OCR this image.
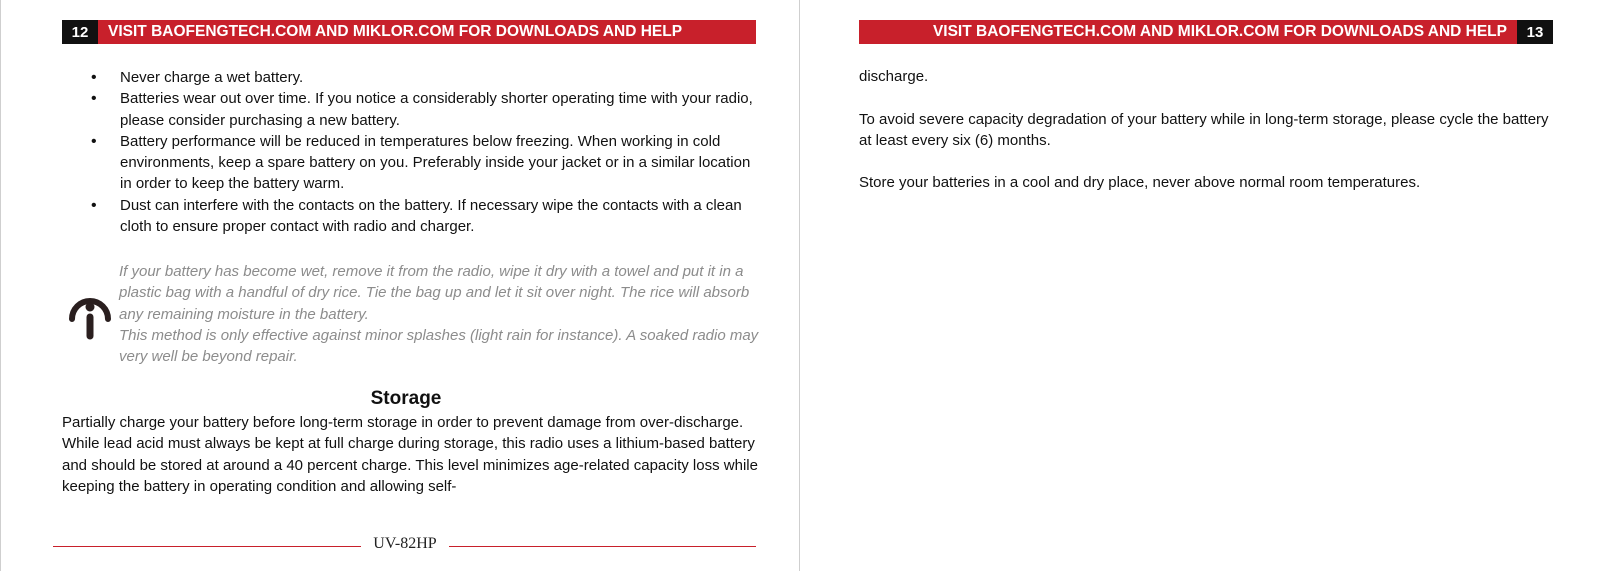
12	VISIT BAOFENGTECH.COM AND MIKLOR.COM FOR DOWNLOADS AND HELP
• Never charge a wet battery.
• Batteries wear out over time. If you notice a considerably shorter operating time with your radio, please consider purchasing a new battery.
• Battery performance will be reduced in temperatures below freezing. When working in cold environments, keep a spare battery on you. Preferably inside your jacket or in a similar location in order to keep the battery warm.
• Dust can interfere with the contacts on the battery. If necessary wipe the contacts with a clean cloth to ensure proper contact with radio and charger.

If your battery has become wet, remove it from the radio, wipe it dry with a towel and put it in a plastic bag with a handful of dry rice. Tie the bag up and let it sit over night. The rice will absorb any remaining moisture in the battery.

This method is only effective against minor splashes (light rain for instance). A soaked radio may very well be beyond repair.

Storage
Partially charge your battery before long-term storage in order to prevent damage from over-discharge. While lead acid must always be kept at full charge during storage, this radio uses a lithium-based battery and should be stored at around a 40 percent charge. This level minimizes age-related capacity loss while keeping the battery in operating condition and allowing self-
UV-82HP
VISIT BAOFENGTECH.COM AND MIKLOR.COM FOR DOWNLOADS AND HELP	13

discharge.

To avoid severe capacity degradation of your battery while in long-term storage, please cycle the battery at least every six (6) months.

Store your batteries in a cool and dry place, never above normal room temperatures.
